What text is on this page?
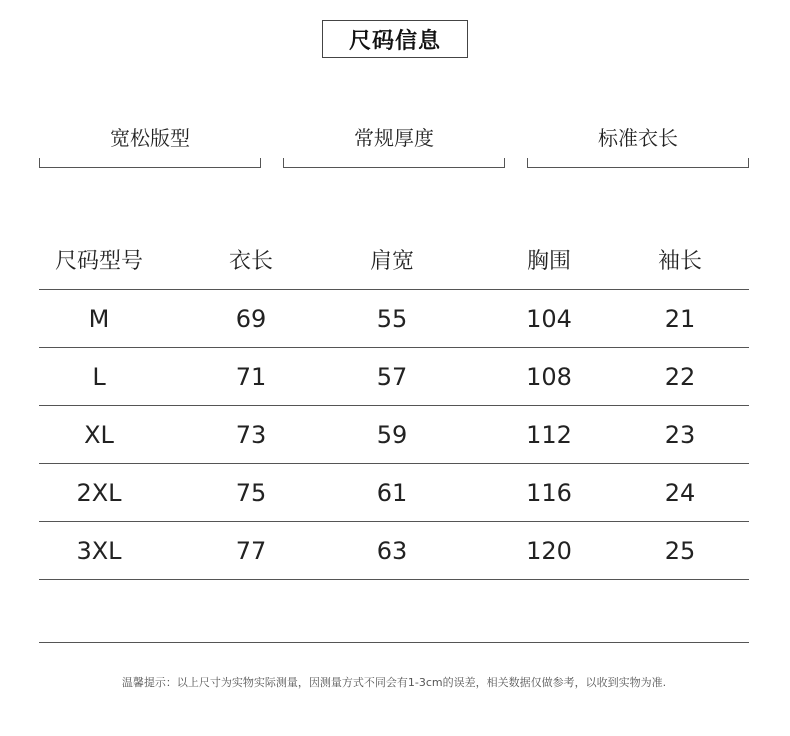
尺码信息
宽松版型	常规厚度	标准衣长
尺码型号	衣长	肩宽	胸围	袖长
M	69	55	104	21
L	71	57	108	22
XL	73	59	112	23
2XL	75	61	116	24
3XL	77	63	120	25
温馨提示：以上尺寸为实物实际测量，因测量方式不同会有1-3cm的误差，相关数据仅做参考，以收到实物为准.
